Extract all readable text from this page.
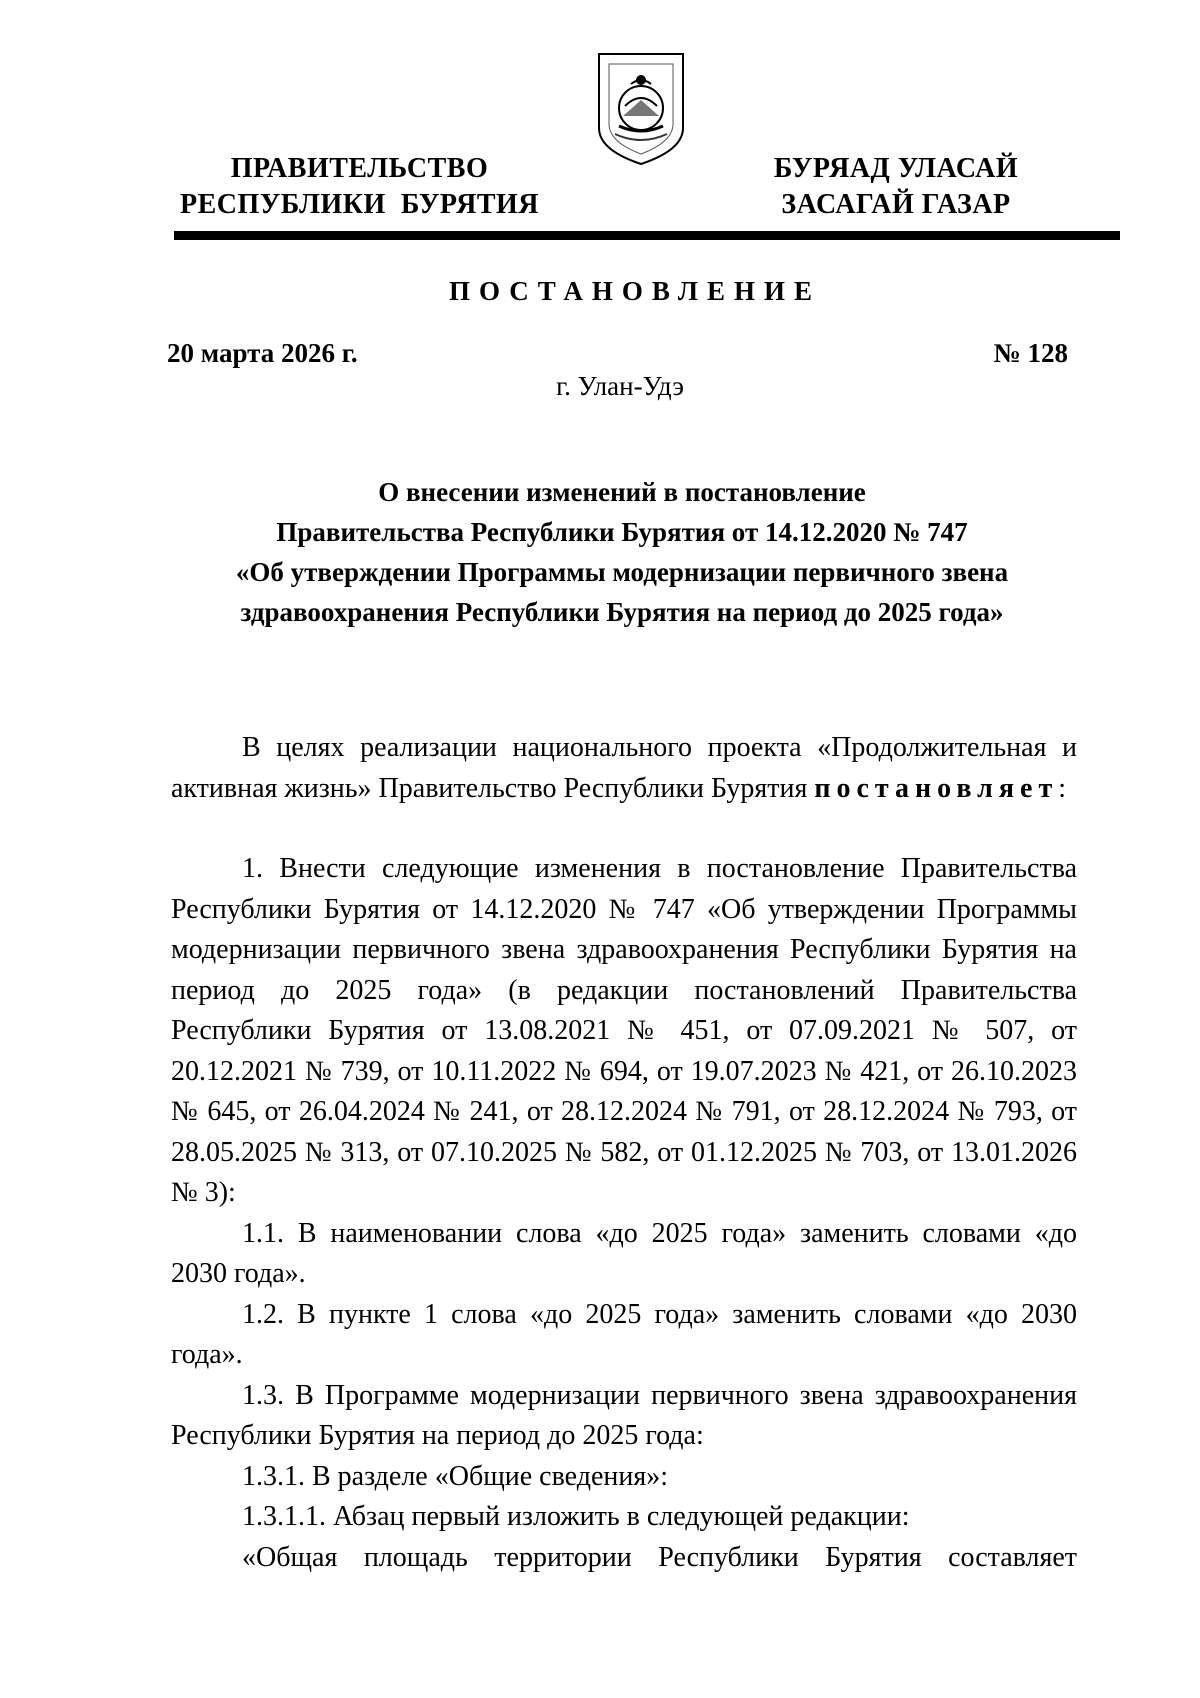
ПРАВИТЕЛЬСТВО
РЕСПУБЛИКИ  БУРЯТИЯ
БУРЯАД УЛАСАЙ
ЗАСАГАЙ ГАЗАР
ПОСТАНОВЛЕНИЕ
20 марта 2026 г.	№ 128
г. Улан-Удэ
О внесении изменений в постановление
Правительства Республики Бурятия от 14.12.2020 № 747
«Об утверждении Программы модернизации первичного звена
здравоохранения Республики Бурятия на период до 2025 года»

В целях реализации национального проекта «Продолжительная и активная жизнь» Правительство Республики Бурятия постановляет:

1. Внести следующие изменения в постановление Правительства Республики Бурятия от 14.12.2020 № 747 «Об утверждении Программы модернизации первичного звена здравоохранения Республики Бурятия на период до 2025 года» (в редакции постановлений Правительства Республики Бурятия от 13.08.2021 № 451, от 07.09.2021 № 507, от 20.12.2021 № 739, от 10.11.2022 № 694, от 19.07.2023 № 421, от 26.10.2023 № 645, от 26.04.2024 № 241, от 28.12.2024 № 791, от 28.12.2024 № 793, от 28.05.2025 № 313, от 07.10.2025 № 582, от 01.12.2025 № 703, от 13.01.2026 № 3):

1.1. В наименовании слова «до 2025 года» заменить словами «до 2030 года».

1.2. В пункте 1 слова «до 2025 года» заменить словами «до 2030 года».

1.3. В Программе модернизации первичного звена здравоохранения Республики Бурятия на период до 2025 года:

1.3.1. В разделе «Общие сведения»:

1.3.1.1. Абзац первый изложить в следующей редакции:

«Общая площадь территории Республики Бурятия составляет
